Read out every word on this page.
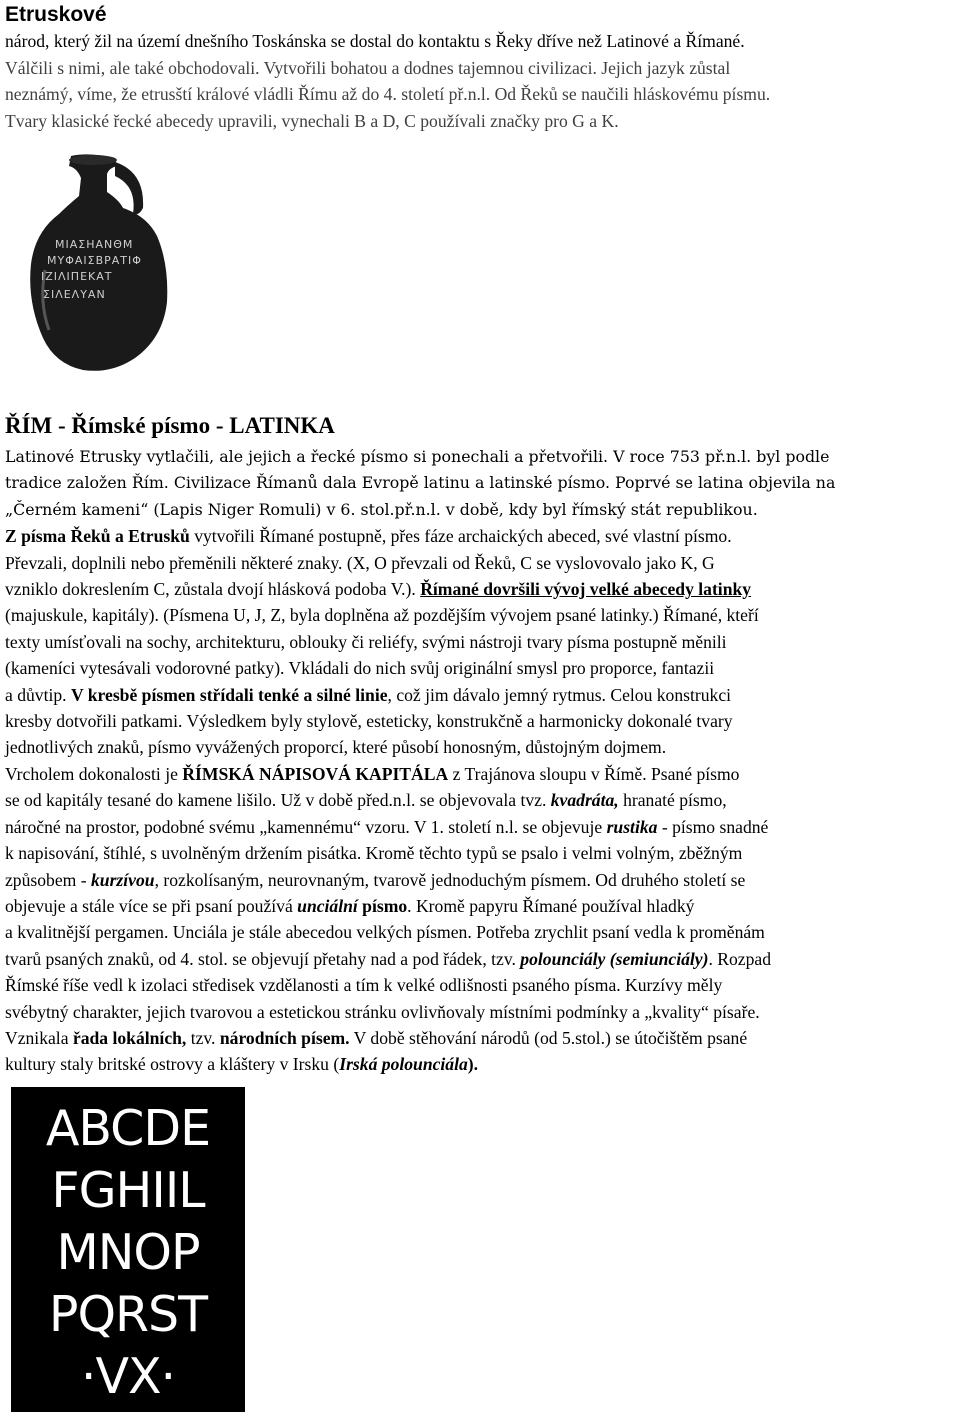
Etruskové
národ, který žil na území dnešního Toskánska se dostal do kontaktu s Řeky dříve než Latinové a Římané.
Válčili s nimi, ale také obchodovali. Vytvořili bohatou a dodnes tajemnou civilizaci. Jejich jazyk zůstal
neznámý, víme, že etrusští králové vládli Římu až do 4. století př.n.l. Od Řeků se naučili hláskovému písmu.
Tvary klasické řecké abecedy upravili, vynechali B a D, C používali značky pro G a K.
ΜΙΑΣΗΑΝΘΜ
ΜΥΦΑΙΣΒΡΑΤΙΦ
ΙΖΙΛΙΠΕΚΑΤ
ΣΙΛΕΛΥΑΝ
ŘÍM - Římské písmo - LATINKA
Latinové Etrusky vytlačili, ale jejich a řecké písmo si ponechali a přetvořili. V roce 753 př.n.l. byl podle
tradice založen Řím. Civilizace Římanů dala Evropě latinu a latinské písmo. Poprvé se latina objevila na
„Černém kameni“ (Lapis Niger Romuli) v 6. stol.př.n.l. v době, kdy byl římský stát republikou.
Z písma Řeků a Etrusků vytvořili Římané postupně, přes fáze archaických abeced, své vlastní písmo.
Převzali, doplnili nebo přeměnili některé znaky. (X, O převzali od Řeků, C se vyslovovalo jako K, G
vzniklo dokreslením C, zůstala dvojí hlásková podoba V.). Římané dovršili vývoj velké abecedy latinky
(majuskule, kapitály). (Písmena U, J, Z, byla doplněna až pozdějším vývojem psané latinky.) Římané, kteří
texty umísťovali na sochy, architekturu, oblouky či reliéfy, svými nástroji tvary písma postupně měnili
(kameníci vytesávali vodorovné patky). Vkládali do nich svůj originální smysl pro proporce, fantazii
a důvtip. V kresbě písmen střídali tenké a silné linie, což jim dávalo jemný rytmus. Celou konstrukci
kresby dotvořili patkami. Výsledkem byly stylově, esteticky, konstrukčně a harmonicky dokonalé tvary
jednotlivých znaků, písmo vyvážených proporcí, které působí honosným, důstojným dojmem.
Vrcholem dokonalosti je ŘÍMSKÁ NÁPISOVÁ KAPITÁLA z Trajánova sloupu v Římě. Psané písmo
se od kapitály tesané do kamene lišilo. Už v době před.n.l. se objevovala tvz. kvadráta, hranaté písmo,
náročné na prostor, podobné svému „kamennému“ vzoru. V 1. století n.l. se objevuje rustika - písmo snadné
k napisování, štíhlé, s uvolněným držením pisátka. Kromě těchto typů se psalo i velmi volným, zběžným
způsobem - kurzívou, rozkolísaným, neurovnaným, tvarově jednoduchým písmem. Od druhého století se
objevuje a stále více se při psaní používá unciální písmo. Kromě papyru Římané používal hladký
a kvalitnější pergamen. Unciála je stále abecedou velkých písmen. Potřeba zrychlit psaní vedla k proměnám
tvarů psaných znaků, od 4. stol. se objevují přetahy nad a pod řádek, tzv. polounciály (semiunciály). Rozpad
Římské říše vedl k izolaci středisek vzdělanosti a tím k velké odlišnosti psaného písma. Kurzívy měly
svébytný charakter, jejich tvarovou a estetickou stránku ovlivňovaly místními podmínky a „kvality“ písaře.
Vznikala řada lokálních, tzv. národních písem. V době stěhování národů (od 5.stol.) se útočištěm psané
kultury staly britské ostrovy a kláštery v Irsku (Irská polounciála).
ABCDE
FGHIIL
MNOP
PQRST
·VX·
